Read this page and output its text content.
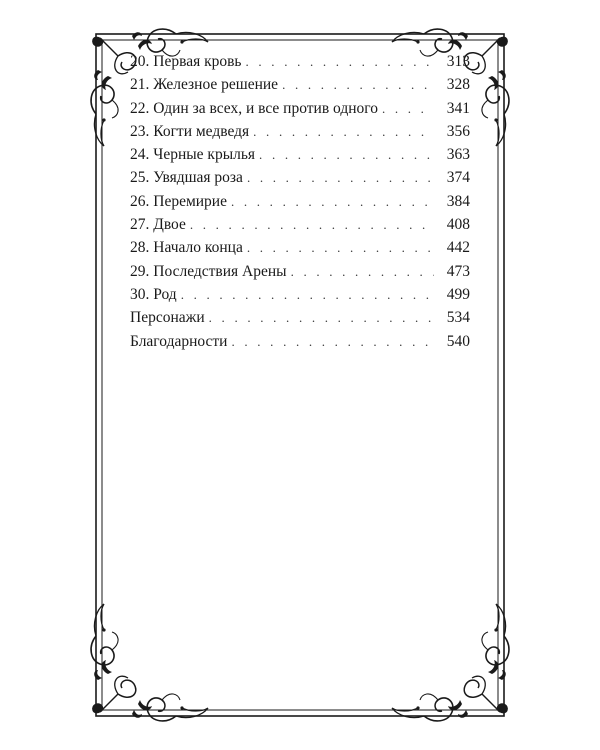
20. Первая кровь . . .	313
21. Железное решение . . .	328
22. Один за всех, и все против одного . . .	341
23. Когти медведя . . .	356
24. Черные крылья . . .	363
25. Увядшая роза . . .	374
26. Перемирие . . .	384
27. Двое . . .	408
28. Начало конца . . .	442
29. Последствия Арены . . .	473
30. Род . . .	499
Персонажи . . .	534
Благодарности . . .	540
